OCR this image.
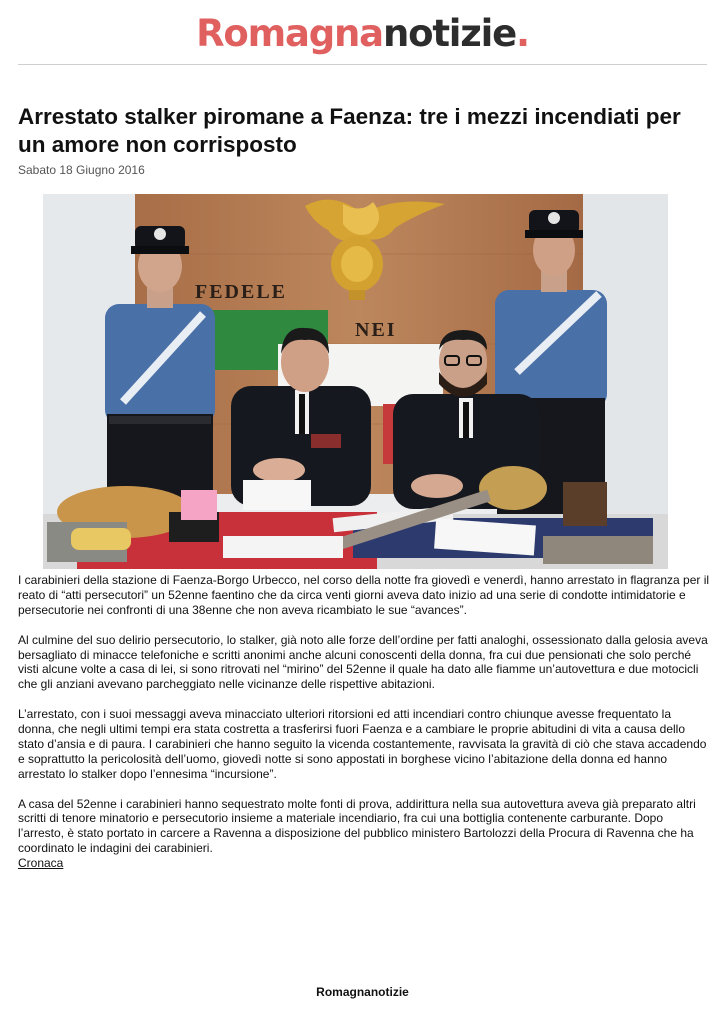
Romagnanotizie.
Arrestato stalker piromane a Faenza: tre i mezzi incendiati per un amore non corrisposto
Sabato 18 Giugno 2016
FEDELE
NEI

I carabinieri della stazione di Faenza-Borgo Urbecco, nel corso della notte fra giovedì e venerdì, hanno arrestato in flagranza per il reato di “atti persecutori” un 52enne faentino che da circa venti giorni aveva dato inizio ad una serie di condotte intimidatorie e persecutorie nei confronti di una 38enne che non aveva ricambiato le sue “avances”.

Al culmine del suo delirio persecutorio, lo stalker, già noto alle forze dell’ordine per fatti analoghi, ossessionato dalla gelosia aveva bersagliato di minacce telefoniche e scritti anonimi anche alcuni conoscenti della donna, fra cui due pensionati che solo perché visti alcune volte a casa di lei, si sono ritrovati nel “mirino” del 52enne il quale ha dato alle fiamme un’autovettura e due motocicli che gli anziani avevano parcheggiato nelle vicinanze delle rispettive abitazioni.

L’arrestato, con i suoi messaggi aveva minacciato ulteriori ritorsioni ed atti incendiari contro chiunque avesse frequentato la donna, che negli ultimi tempi era stata costretta a trasferirsi fuori Faenza e a cambiare le proprie abitudini di vita a causa dello stato d’ansia e di paura. I carabinieri che hanno seguito la vicenda costantemente, ravvisata la gravità di ciò che stava accadendo e soprattutto la pericolosità dell’uomo, giovedì notte si sono appostati in borghese vicino l’abitazione della donna ed hanno arrestato lo stalker dopo l’ennesima “incursione”.

A casa del 52enne i carabinieri hanno sequestrato molte fonti di prova, addirittura nella sua autovettura aveva già preparato altri scritti di tenore minatorio e persecutorio insieme a materiale incendiario, fra cui una bottiglia contenente carburante. Dopo l’arresto, è stato portato in carcere a Ravenna a disposizione del pubblico ministero Bartolozzi della Procura di Ravenna che ha coordinato le indagini dei carabinieri.

Cronaca
Romagnanotizie
